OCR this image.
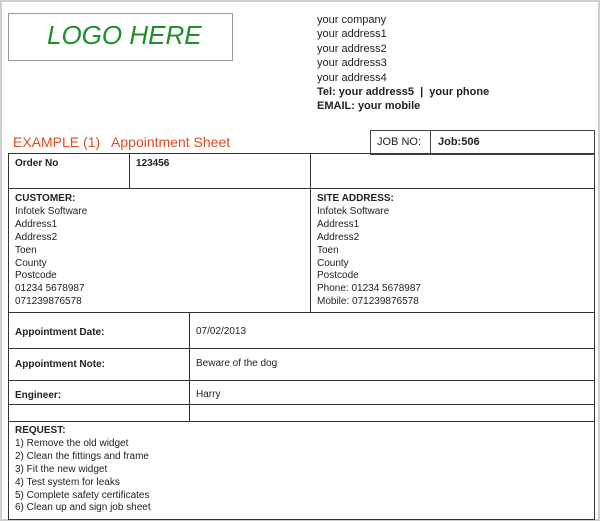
LOGO HERE	your company
your address1
your address2
your address3
your address4
Tel: your address5  |  your phone
EMAIL: your mobile
EXAMPLE (1)   Appointment Sheet	JOB NO: Job:506
Order No	123456
CUSTOMER:
Infotek Software
Address1
Address2
Toen
County
Postcode
01234 5678987
071239876578
SITE ADDRESS:
Infotek Software
Address1
Address2
Toen
County
Postcode
Phone: 01234 5678987
Mobile: 071239876578
Appointment Date:	07/02/2013
Appointment Note:	Beware of the dog
Engineer:	Harry
REQUEST:
1) Remove the old widget
2) Clean the fittings and frame
3) Fit the new widget
4) Test system for leaks
5) Complete safety certificates
6) Clean up and sign job sheet
